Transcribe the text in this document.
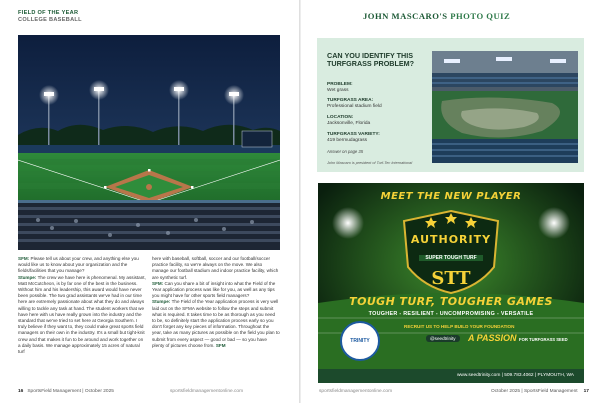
FIELD OF THE YEAR
COLLEGE BASEBALL

SFM: Please tell us about your crew, and anything else you would like us to know about your organization and the fields/facilities that you manage?

Stumpe: The crew we have here is phenomenal. My assistant, Matt McCutcheon, is by far one of the best in the business. Without him and his leadership, this award would have never been possible. The two grad assistants we've had in our time here are extremely passionate about what they do and always willing to tackle any task at hand. The student workers that we have here with us have really grown into the industry and the standard that we've tried to set here at Georgia Southern. I truly believe if they want to, they could make great sports field managers on their own in the industry. It's a small but tight-knit crew and that makes it fun to be around and work together on a daily basis. We manage approximately 15 acres of natural turf

here with baseball, softball, soccer and our football/soccer practice facility, so we're always on the move. We also manage our football stadium and indoor practice facility, which are synthetic turf.

SFM: Can you share a bit of insight into what the Field of the Year application process was like for you, as well as any tips you might have for other sports field managers?

Stumpe: The Field of the Year application process is very well laid out on the SFMA website to follow the steps and submit what is required. It takes time to be as thorough as you need to be, so definitely start the application process early so you don't forget any key pieces of information. Throughout the year, take as many pictures as possible on the field you plan to submit from every aspect — good or bad — so you have plenty of pictures choose from. SFM

16 SportsField Management | October 2025	sportsfieldmanagementonline.com
JOHN MASCARO'S PHOTO QUIZ
CAN YOU IDENTIFY THIS TURFGRASS PROBLEM?
PROBLEM:
Wet grass
TURFGRASS AREA:
Professional stadium field
LOCATION:
Jacksonville, Florida
TURFGRASS VARIETY:
419 bermudagrass
Answer on page 35
John Mascaro is president of Turf-Tec International
MEET THE NEW PLAYER
AUTHORITY
SUPER TOUGH TURF
STT
TOUGH TURF, TOUGHER GAMES
TOUGHER - RESILIENT - UNCOMPROMISING - VERSATILE
RECRUIT US TO HELP BUILD YOUR FOUNDATION
@seedtrinity	A PASSION FOR TURFGRASS SEED
TRINITY
www.seedtrinity.com | 509.783.4062 | PLYMOUTH, WA
sportsfieldmanagementonline.com	October 2025 | SportsField Management 17
